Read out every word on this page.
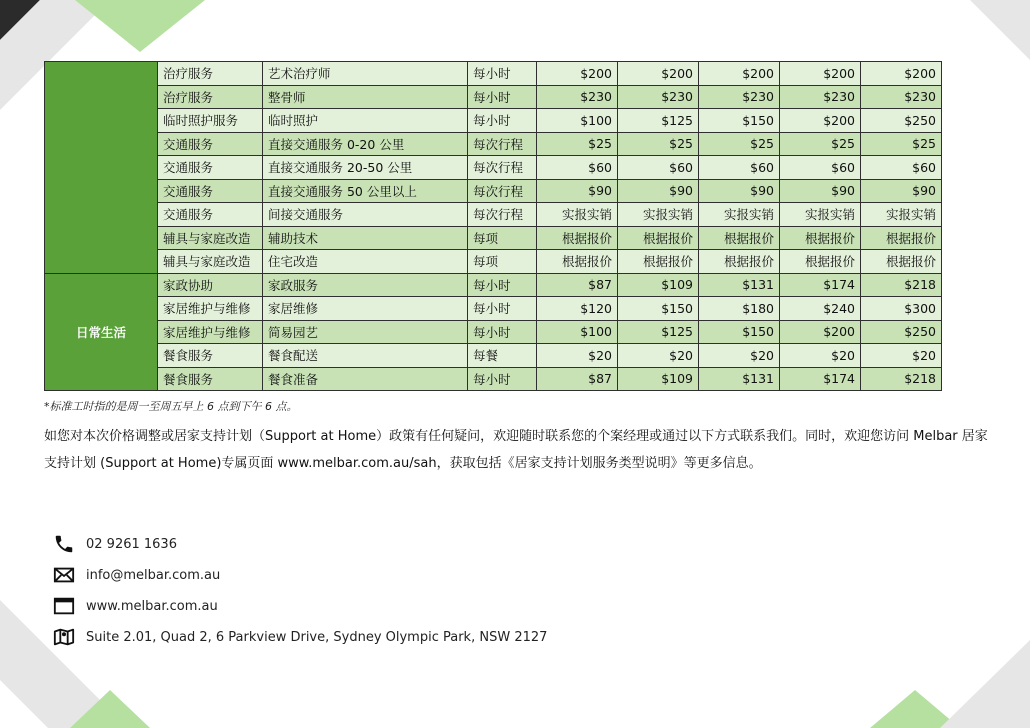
	治疗服务	艺术治疗师	每小时	$200	$200	$200	$200	$200
	治疗服务	整骨师	每小时	$230	$230	$230	$230	$230
	临时照护服务	临时照护	每小时	$100	$125	$150	$200	$250
	交通服务	直接交通服务 0-20 公里	每次行程	$25	$25	$25	$25	$25
	交通服务	直接交通服务 20-50 公里	每次行程	$60	$60	$60	$60	$60
	交通服务	直接交通服务 50 公里以上	每次行程	$90	$90	$90	$90	$90
	交通服务	间接交通服务	每次行程	实报实销	实报实销	实报实销	实报实销	实报实销
	辅具与家庭改造	辅助技术	每项	根据报价	根据报价	根据报价	根据报价	根据报价
	辅具与家庭改造	住宅改造	每项	根据报价	根据报价	根据报价	根据报价	根据报价
日常生活	家政协助	家政服务	每小时	$87	$109	$131	$174	$218
	家居维护与维修	家居维修	每小时	$120	$150	$180	$240	$300
	家居维护与维修	简易园艺	每小时	$100	$125	$150	$200	$250
	餐食服务	餐食配送	每餐	$20	$20	$20	$20	$20
	餐食服务	餐食准备	每小时	$87	$109	$131	$174	$218
*标准工时指的是周一至周五早上 6 点到下午 6 点。
如您对本次价格调整或居家支持计划（Support at Home）政策有任何疑问，欢迎随时联系您的个案经理或通过以下方式联系我们。同时，欢迎您访问 Melbar 居家支持计划 (Support at Home)专属页面 www.melbar.com.au/sah，获取包括《居家支持计划服务类型说明》等更多信息。
02 9261 1636
info@melbar.com.au
www.melbar.com.au
Suite 2.01, Quad 2, 6 Parkview Drive, Sydney Olympic Park, NSW 2127
